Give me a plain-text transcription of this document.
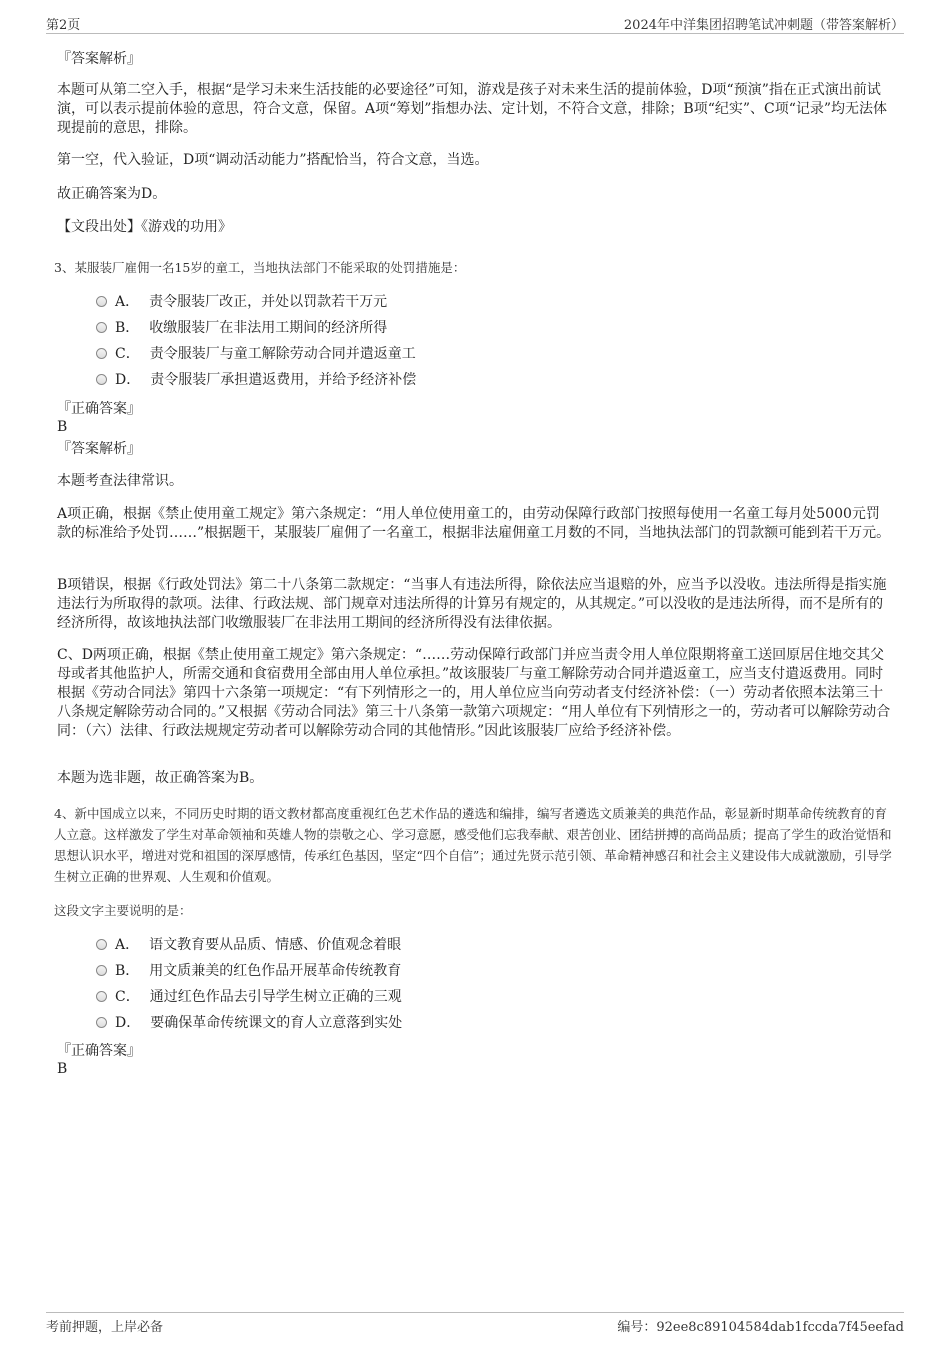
第2页	2024年中洋集团招聘笔试冲刺题（带答案解析）
『答案解析』
本题可从第二空入手，根据“是学习未来生活技能的必要途径”可知，游戏是孩子对未来生活的提前体验，D项“预演”指在正式演出前试演，可以表示提前体验的意思，符合文意，保留。A项“筹划”指想办法、定计划，不符合文意，排除；B项“纪实”、C项“记录”均无法体现提前的意思，排除。
第一空，代入验证，D项“调动活动能力”搭配恰当，符合文意，当选。
故正确答案为D。
【文段出处】《游戏的功用》
3、某服装厂雇佣一名15岁的童工，当地执法部门不能采取的处罚措施是：
A． 责令服装厂改正，并处以罚款若干万元
B． 收缴服装厂在非法用工期间的经济所得
C． 责令服装厂与童工解除劳动合同并遣返童工
D． 责令服装厂承担遣返费用，并给予经济补偿
『正确答案』
B
『答案解析』
本题考查法律常识。
A项正确，根据《禁止使用童工规定》第六条规定：“用人单位使用童工的，由劳动保障行政部门按照每使用一名童工每月处5000元罚款的标准给予处罚……”根据题干，某服装厂雇佣了一名童工，根据非法雇佣童工月数的不同，当地执法部门的罚款额可能到若干万元。
B项错误，根据《行政处罚法》第二十八条第二款规定：“当事人有违法所得，除依法应当退赔的外，应当予以没收。违法所得是指实施违法行为所取得的款项。法律、行政法规、部门规章对违法所得的计算另有规定的，从其规定。”可以没收的是违法所得，而不是所有的经济所得，故该地执法部门收缴服装厂在非法用工期间的经济所得没有法律依据。
C、D两项正确，根据《禁止使用童工规定》第六条规定：“……劳动保障行政部门并应当责令用人单位限期将童工送回原居住地交其父母或者其他监护人，所需交通和食宿费用全部由用人单位承担。”故该服装厂与童工解除劳动合同并遣返童工，应当支付遣返费用。同时根据《劳动合同法》第四十六条第一项规定：“有下列情形之一的，用人单位应当向劳动者支付经济补偿：（一）劳动者依照本法第三十八条规定解除劳动合同的。”又根据《劳动合同法》第三十八条第一款第六项规定：“用人单位有下列情形之一的，劳动者可以解除劳动合同：（六）法律、行政法规规定劳动者可以解除劳动合同的其他情形。”因此该服装厂应给予经济补偿。
本题为选非题，故正确答案为B。
4、新中国成立以来，不同历史时期的语文教材都高度重视红色艺术作品的遴选和编排，编写者遴选文质兼美的典范作品，彰显新时期革命传统教育的育人立意。这样激发了学生对革命领袖和英雄人物的崇敬之心、学习意愿，感受他们忘我奉献、艰苦创业、团结拼搏的高尚品质；提高了学生的政治觉悟和思想认识水平，增进对党和祖国的深厚感情，传承红色基因，坚定“四个自信”；通过先贤示范引领、革命精神感召和社会主义建设伟大成就激励，引导学生树立正确的世界观、人生观和价值观。
这段文字主要说明的是：
A． 语文教育要从品质、情感、价值观念着眼
B． 用文质兼美的红色作品开展革命传统教育
C． 通过红色作品去引导学生树立正确的三观
D． 要确保革命传统课文的育人立意落到实处
『正确答案』
B
考前押题，上岸必备	编号：92ee8c89104584dab1fccda7f45eefad
